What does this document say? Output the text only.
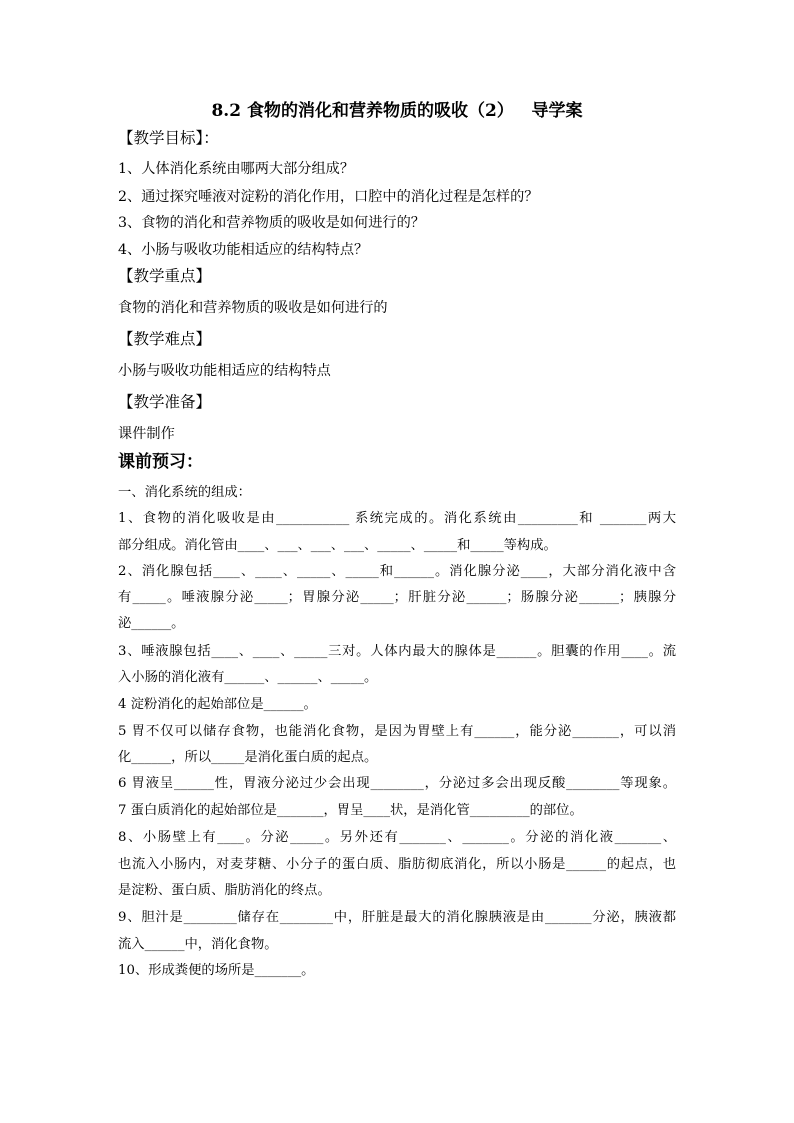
8.2 食物的消化和营养物质的吸收（2）   导学案
【教学目标】：
1、人体消化系统由哪两大部分组成？
2、通过探究唾液对淀粉的消化作用，口腔中的消化过程是怎样的？
3、食物的消化和营养物质的吸收是如何进行的？
4、小肠与吸收功能相适应的结构特点？
【教学重点】
食物的消化和营养物质的吸收是如何进行的
【教学难点】
小肠与吸收功能相适应的结构特点
【教学准备】
课件制作
课前预习：
一、消化系统的组成：
1、食物的消化吸收是由___________ 系统完成的。消化系统由_________和 _______两大
部分组成。消化管由____、___、___、___、_____、_____和_____等构成。
2、消化腺包括____、____、_____、_____和______。消化腺分泌____，大部分消化液中含
有_____。唾液腺分泌_____；胃腺分泌_____；肝脏分泌______；肠腺分泌______；胰腺分
泌______。
3、唾液腺包括____、____、_____三对。人体内最大的腺体是______。胆囊的作用____。流
入小肠的消化液有______、______、_____。
4 淀粉消化的起始部位是______。
5 胃不仅可以储存食物，也能消化食物，是因为胃壁上有______，能分泌_______，可以消
化______，所以_____是消化蛋白质的起点。
6 胃液呈______性，胃液分泌过少会出现________，分泌过多会出现反酸________等现象。
7 蛋白质消化的起始部位是_______，胃呈____状，是消化管_________的部位。
8、小肠壁上有____。分泌_____。另外还有_______、_______。分泌的消化液_______、
也流入小肠内，对麦芽糖、小分子的蛋白质、脂肪彻底消化，所以小肠是______的起点，也
是淀粉、蛋白质、脂肪消化的终点。
9、胆汁是________储存在________中，肝脏是最大的消化腺胰液是由_______分泌，胰液都
流入______中，消化食物。
10、形成粪便的场所是_______。
